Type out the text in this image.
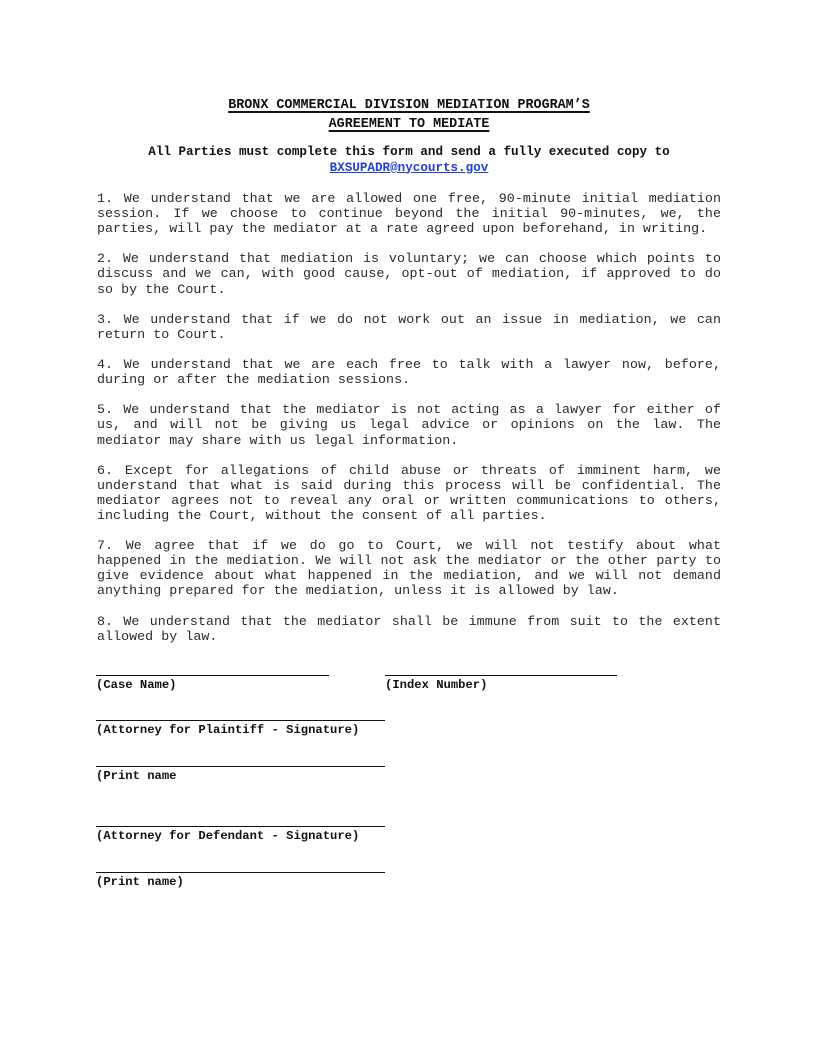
BRONX COMMERCIAL DIVISION MEDIATION PROGRAM’S
AGREEMENT TO MEDIATE
All Parties must complete this form and send a fully executed copy to
BXSUPADR@nycourts.gov

1. We understand that we are allowed one free, 90-minute initial mediation session. If we choose to continue beyond the initial 90-minutes, we, the parties, will pay the mediator at a rate agreed upon beforehand, in writing.

2. We understand that mediation is voluntary; we can choose which points to discuss and we can, with good cause, opt-out of mediation, if approved to do so by the Court.

3. We understand that if we do not work out an issue in mediation, we can return to Court.

4. We understand that we are each free to talk with a lawyer now, before, during or after the mediation sessions.

5. We understand that the mediator is not acting as a lawyer for either of us, and will not be giving us legal advice or opinions on the law. The mediator may share with us legal information.

6. Except for allegations of child abuse or threats of imminent harm, we understand that what is said during this process will be confidential. The mediator agrees not to reveal any oral or written communications to others, including the Court, without the consent of all parties.

7. We agree that if we do go to Court, we will not testify about what happened in the mediation. We will not ask the mediator or the other party to give evidence about what happened in the mediation, and we will not demand anything prepared for the mediation, unless it is allowed by law.

8. We understand that the mediator shall be immune from suit to the extent allowed by law.

(Case Name)	(Index Number)
(Attorney for Plaintiff - Signature)
(Print name
(Attorney for Defendant - Signature)
(Print name)
